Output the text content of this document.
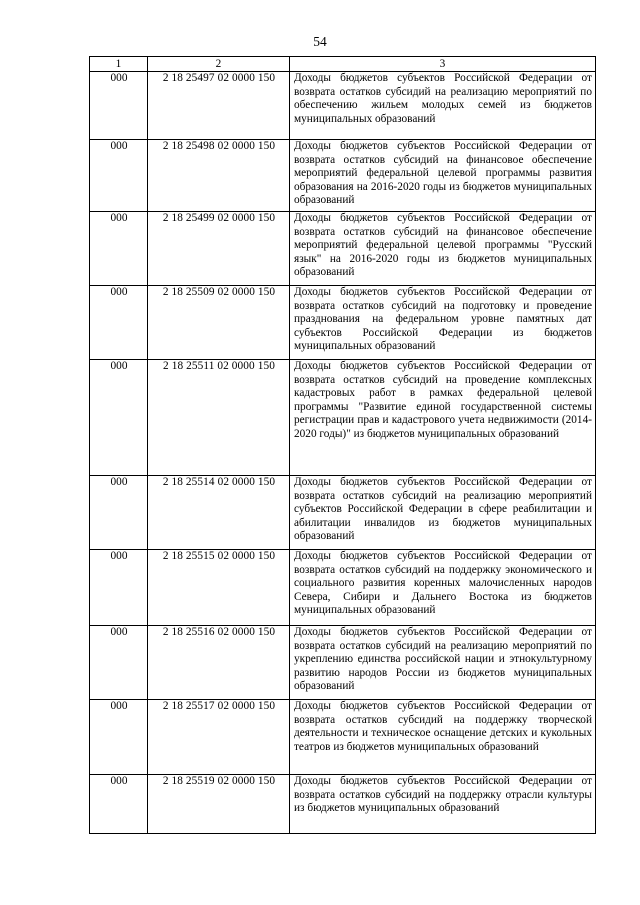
54
1	2	3
000	2 18 25497 02 0000 150	Доходы бюджетов субъектов Российской Федерации от возврата остатков субсидий на реализацию мероприятий по обеспечению жильем молодых семей из бюджетов муниципальных образований
000	2 18 25498 02 0000 150	Доходы бюджетов субъектов Российской Федерации от возврата остатков субсидий на финансовое обеспечение мероприятий федеральной целевой программы развития образования на 2016-2020 годы из бюджетов муниципальных образований
000	2 18 25499 02 0000 150	Доходы бюджетов субъектов Российской Федерации от возврата остатков субсидий на финансовое обеспечение мероприятий федеральной целевой программы "Русский язык" на 2016-2020 годы из бюджетов муниципальных образований
000	2 18 25509 02 0000 150	Доходы бюджетов субъектов Российской Федерации от возврата остатков субсидий на подготовку и проведение празднования на федеральном уровне памятных дат субъектов Российской Федерации из бюджетов муниципальных образований
000	2 18 25511 02 0000 150	Доходы бюджетов субъектов Российской Федерации от возврата остатков субсидий на проведение комплексных кадастровых работ в рамках федеральной целевой программы "Развитие единой государственной системы регистрации прав и кадастрового учета недвижимости (2014-2020 годы)" из бюджетов муниципальных образований
000	2 18 25514 02 0000 150	Доходы бюджетов субъектов Российской Федерации от возврата остатков субсидий на реализацию мероприятий субъектов Российской Федерации в сфере реабилитации и абилитации инвалидов из бюджетов муниципальных образований
000	2 18 25515 02 0000 150	Доходы бюджетов субъектов Российской Федерации от возврата остатков субсидий на поддержку экономического и социального развития коренных малочисленных народов Севера, Сибири и Дальнего Востока из бюджетов муниципальных образований
000	2 18 25516 02 0000 150	Доходы бюджетов субъектов Российской Федерации от возврата остатков субсидий на реализацию мероприятий по укреплению единства российской нации и этнокультурному развитию народов России из бюджетов муниципальных образований
000	2 18 25517 02 0000 150	Доходы бюджетов субъектов Российской Федерации от возврата остатков субсидий на поддержку творческой деятельности и техническое оснащение детских и кукольных театров из бюджетов муниципальных образований
000	2 18 25519 02 0000 150	Доходы бюджетов субъектов Российской Федерации от возврата остатков субсидий на поддержку отрасли культуры из бюджетов муниципальных образований
